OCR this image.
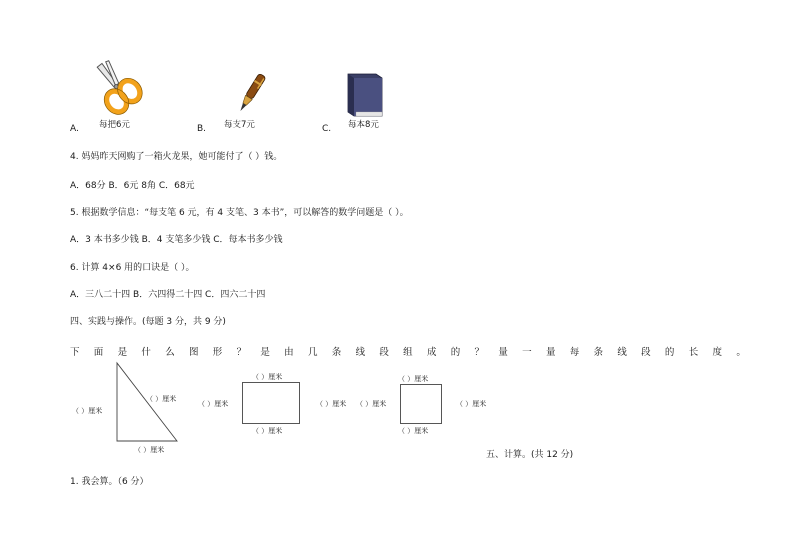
A. 每把6元	B. 每支7元	C. 每本8元
4. 妈妈昨天网购了一箱火龙果，她可能付了（ ）钱。
A．68分 B．6元 8角 C．68元
5. 根据数学信息：“每支笔 6 元，有 4 支笔、3 本书”，可以解答的数学问题是（ ）。
A．3 本书多少钱 B．4 支笔多少钱 C．每本书多少钱
6. 计算 4×6 用的口诀是（ ）。
A．三八二十四 B．六四得二十四 C．四六二十四
四、实践与操作。(每题 3 分，共 9 分)
下 面 是 什 么 图 形 ？ 是 由 几 条 线 段 组 成 的 ？ 量 一 量 每 条 线 段 的 长 度 。
（ ）厘米
（ ）厘米
（ ）厘米
（ ）厘米
（ ）厘米	（ ）厘米
（ ）厘米
（ ）厘米
（ ）厘米	（ ）厘米
（ ）厘米
五、计算。(共 12 分)
1. 我会算。（6 分）
